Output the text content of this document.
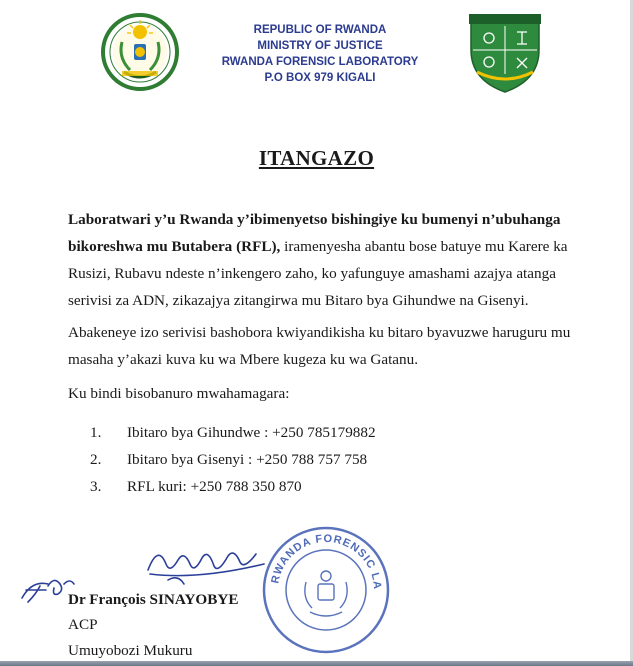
REPUBLIC OF RWANDA
MINISTRY OF JUSTICE
RWANDA FORENSIC LABORATORY
P.O BOX 979 KIGALI
ITANGAZO
Laboratwari y’u Rwanda y’ibimenyetso bishingiye ku bumenyi n’ubuhanga bikoreshwa mu Butabera (RFL), iramenyesha abantu bose batuye mu Karere ka Rusizi, Rubavu ndeste n’inkengero zaho, ko yafunguye amashami azajya atanga serivisi za ADN, zikazajya zitangirwa mu Bitaro bya Gihundwe na Gisenyi.
Abakeneye izo serivisi bashobora kwiyandikisha ku bitaro byavuzwe haruguru mu masaha y’akazi kuva ku wa Mbere kugeza ku wa Gatanu.
Ku bindi bisobanuro mwahamagara:
1.	Ibitaro bya Gihundwe : +250 785179882
2.	Ibitaro bya Gisenyi : +250 788 757 758
3.	RFL kuri: +250 788 350 870
RWANDA FORENSIC LA
Dr François SINAYOBYE
ACP
Umuyobozi Mukuru
